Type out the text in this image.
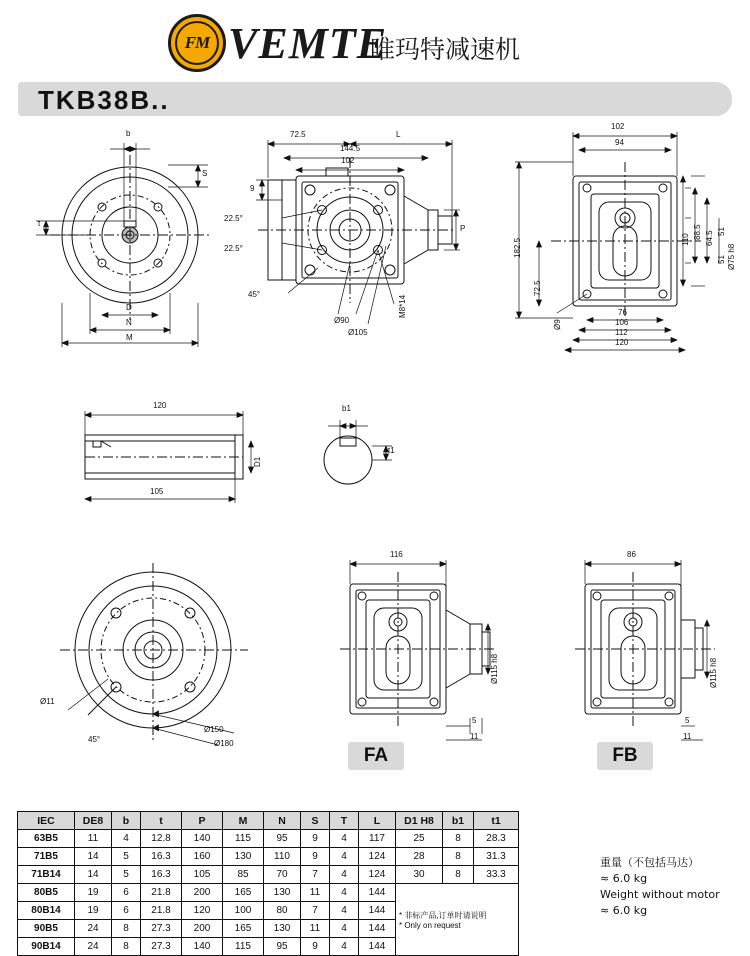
FM VEMTE
唯玛特减速机
TKB38B..
b
S
t
D
N
M
72.5	L
144.5
102
9
22.5°
22.5°
45°
M8*14
Ø90
Ø105
P
102
94
110 88.5 64.5 51
51
182.5
72.5
Ø9
Ø75 h8
76
106
112
120
120
105
D1
b1
t1
Ø11
45°
Ø150
Ø180
116
Ø115 h8
5
11
FA
86
Ø115 h8
5
11
FB
IEC	DE8	b	t	P	M	N	S	T	L	D1 H8	b1	t1
63B5	11	4	12.8	140	115	95	9	4	117	25	8	28.3
71B5	14	5	16.3	160	130	110	9	4	124	28	8	31.3
71B14	14	5	16.3	105	85	70	7	4	124	30	8	33.3
80B5	19	6	21.8	200	165	130	11	4	144	* 非标产品,订单时请说明
* Only on request		
80B14	19	6	21.8	120	100	80	7	4	144			
90B5	24	8	27.3	200	165	130	11	4	144			
90B14	24	8	27.3	140	115	95	9	4	144			
重量（不包括马达）
≈ 6.0 kg
Weight without motor
≈ 6.0 kg
